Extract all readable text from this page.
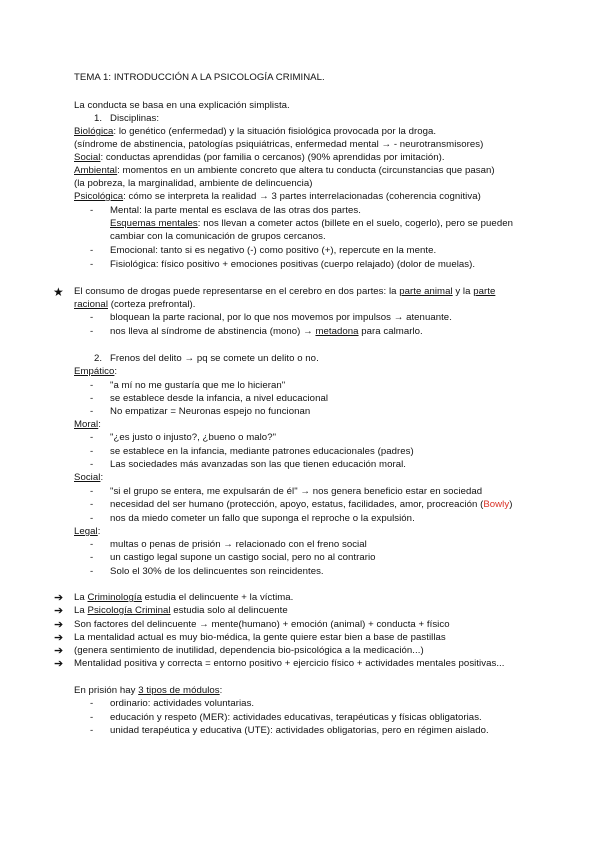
TEMA 1: INTRODUCCIÓN A LA PSICOLOGÍA CRIMINAL.
La conducta se basa en una explicación simplista.
1. Disciplinas:
Biológica: lo genético (enfermedad) y la situación fisiológica provocada por la droga.
(síndrome de abstinencia, patologías psiquiátricas, enfermedad mental → - neurotransmisores)
Social: conductas aprendidas (por familia o cercanos) (90% aprendidas por imitación).
Ambiental: momentos en un ambiente concreto que altera tu conducta (circunstancias que pasan)
(la pobreza, la marginalidad, ambiente de delincuencia)
Psicológica: cómo se interpreta la realidad → 3 partes interrelacionadas (coherencia cognitiva)
- Mental: la parte mental es esclava de las otras dos partes.
Esquemas mentales: nos llevan a cometer actos (billete en el suelo, cogerlo), pero se pueden
cambiar con la comunicación de grupos cercanos.
- Emocional: tanto si es negativo (-) como positivo (+), repercute en la mente.
- Fisiológica: físico positivo + emociones positivas (cuerpo relajado) (dolor de muelas).
★ El consumo de drogas puede representarse en el cerebro en dos partes: la parte animal y la parte
racional (corteza prefrontal).
- bloquean la parte racional, por lo que nos movemos por impulsos → atenuante.
- nos lleva al síndrome de abstinencia (mono) → metadona para calmarlo.
2. Frenos del delito → pq se comete un delito o no.
Empático:
- "a mí no me gustaría que me lo hicieran"
- se establece desde la infancia, a nivel educacional
- No empatizar = Neuronas espejo no funcionan
Moral:
- "¿es justo o injusto?, ¿bueno o malo?"
- se establece en la infancia, mediante patrones educacionales (padres)
- Las sociedades más avanzadas son las que tienen educación moral.
Social:
- "si el grupo se entera, me expulsarán de él" → nos genera beneficio estar en sociedad
- necesidad del ser humano (protección, apoyo, estatus, facilidades, amor, procreación (Bowly)
- nos da miedo cometer un fallo que suponga el reproche o la expulsión.
Legal:
- multas o penas de prisión → relacionado con el freno social
- un castigo legal supone un castigo social, pero no al contrario
- Solo el 30% de los delincuentes son reincidentes.
➔ La Criminología estudia el delincuente + la víctima.
➔ La Psicología Criminal estudia solo al delincuente
➔ Son factores del delincuente → mente(humano) + emoción (animal) + conducta + físico
➔ La mentalidad actual es muy bio-médica, la gente quiere estar bien a base de pastillas
➔ (genera sentimiento de inutilidad, dependencia bio-psicológica a la medicación...)
➔ Mentalidad positiva y correcta = entorno positivo + ejercicio físico + actividades mentales positivas...
En prisión hay 3 tipos de módulos:
- ordinario: actividades voluntarias.
- educación y respeto (MER): actividades educativas, terapéuticas y físicas obligatorias.
- unidad terapéutica y educativa (UTE): actividades obligatorias, pero en régimen aislado.
